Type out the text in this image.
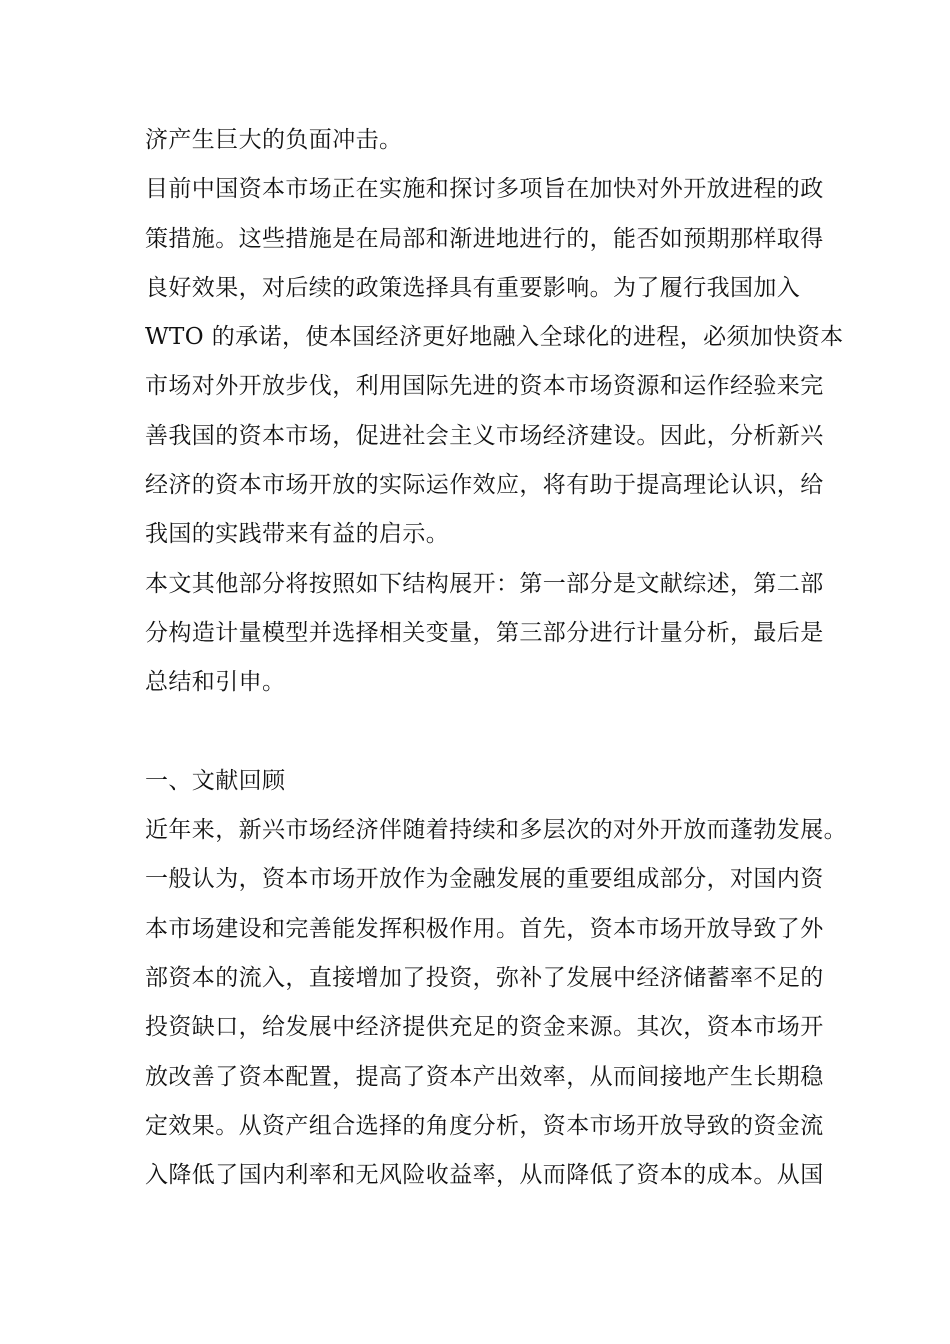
济产生巨大的负面冲击。
目前中国资本市场正在实施和探讨多项旨在加快对外开放进程的政
策措施。这些措施是在局部和渐进地进行的，能否如预期那样取得
良好效果，对后续的政策选择具有重要影响。为了履行我国加入
WTO 的承诺，使本国经济更好地融入全球化的进程，必须加快资本
市场对外开放步伐，利用国际先进的资本市场资源和运作经验来完
善我国的资本市场，促进社会主义市场经济建设。因此，分析新兴
经济的资本市场开放的实际运作效应，将有助于提高理论认识，给
我国的实践带来有益的启示。
本文其他部分将按照如下结构展开：第一部分是文献综述，第二部
分构造计量模型并选择相关变量，第三部分进行计量分析，最后是
总结和引申。
一、文献回顾
近年来，新兴市场经济伴随着持续和多层次的对外开放而蓬勃发展。
一般认为，资本市场开放作为金融发展的重要组成部分，对国内资
本市场建设和完善能发挥积极作用。首先，资本市场开放导致了外
部资本的流入，直接增加了投资，弥补了发展中经济储蓄率不足的
投资缺口，给发展中经济提供充足的资金来源。其次，资本市场开
放改善了资本配置，提高了资本产出效率，从而间接地产生长期稳
定效果。从资产组合选择的角度分析，资本市场开放导致的资金流
入降低了国内利率和无风险收益率，从而降低了资本的成本。从国
